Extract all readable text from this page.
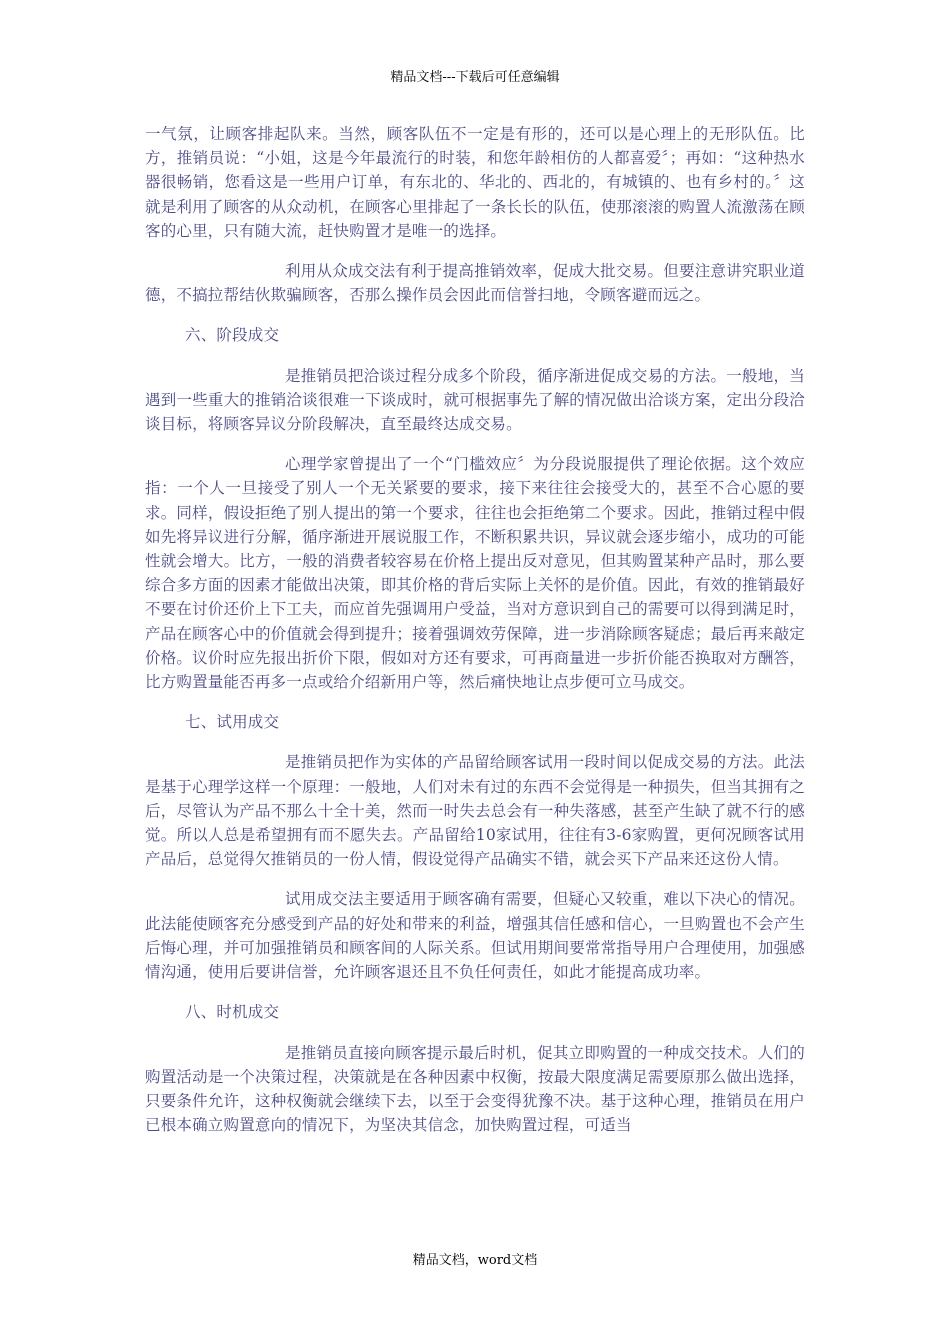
精品文档---下载后可任意编辑

一气氛，让顾客排起队来。当然，顾客队伍不一定是有形的，还可以是心理上的无形队伍。比方，推销员说：“小姐，这是今年最流行的时装，和您年龄相仿的人都喜爱〞；再如：“这种热水器很畅销，您看这是一些用户订单，有东北的、华北的、西北的，有城镇的、也有乡村的。〞这就是利用了顾客的从众动机，在顾客心里排起了一条长长的队伍，使那滚滚的购置人流激荡在顾客的心里，只有随大流，赶快购置才是唯一的选择。

利用从众成交法有利于提高推销效率，促成大批交易。但要注意讲究职业道德，不搞拉帮结伙欺骗顾客，否那么操作员会因此而信誉扫地，令顾客避而远之。

六、阶段成交

是推销员把洽谈过程分成多个阶段，循序渐进促成交易的方法。一般地，当遇到一些重大的推销洽谈很难一下谈成时，就可根据事先了解的情况做出洽谈方案，定出分段洽谈目标，将顾客异议分阶段解决，直至最终达成交易。

心理学家曾提出了一个“门槛效应〞为分段说服提供了理论依据。这个效应指：一个人一旦接受了别人一个无关紧要的要求，接下来往往会接受大的，甚至不合心愿的要求。同样，假设拒绝了别人提出的第一个要求，往往也会拒绝第二个要求。因此，推销过程中假如先将异议进行分解，循序渐进开展说服工作，不断积累共识，异议就会逐步缩小，成功的可能性就会增大。比方，一般的消费者较容易在价格上提出反对意见，但其购置某种产品时，那么要综合多方面的因素才能做出决策，即其价格的背后实际上关怀的是价值。因此，有效的推销最好不要在讨价还价上下工夫，而应首先强调用户受益，当对方意识到自己的需要可以得到满足时，产品在顾客心中的价值就会得到提升；接着强调效劳保障，进一步消除顾客疑虑；最后再来敲定价格。议价时应先报出折价下限，假如对方还有要求，可再商量进一步折价能否换取对方酬答，比方购置量能否再多一点或给介绍新用户等，然后痛快地让点步便可立马成交。

七、试用成交

是推销员把作为实体的产品留给顾客试用一段时间以促成交易的方法。此法是基于心理学这样一个原理：一般地，人们对未有过的东西不会觉得是一种损失，但当其拥有之后，尽管认为产品不那么十全十美，然而一时失去总会有一种失落感，甚至产生缺了就不行的感觉。所以人总是希望拥有而不愿失去。产品留给10家试用，往往有3-6家购置，更何况顾客试用产品后，总觉得欠推销员的一份人情，假设觉得产品确实不错，就会买下产品来还这份人情。

试用成交法主要适用于顾客确有需要，但疑心又较重，难以下决心的情况。此法能使顾客充分感受到产品的好处和带来的利益，增强其信任感和信心，一旦购置也不会产生后悔心理，并可加强推销员和顾客间的人际关系。但试用期间要常常指导用户合理使用，加强感情沟通，使用后要讲信誉，允许顾客退还且不负任何责任，如此才能提高成功率。

八、时机成交

是推销员直接向顾客提示最后时机，促其立即购置的一种成交技术。人们的购置活动是一个决策过程，决策就是在各种因素中权衡，按最大限度满足需要原那么做出选择，只要条件允许，这种权衡就会继续下去，以至于会变得犹豫不决。基于这种心理，推销员在用户已根本确立购置意向的情况下，为坚决其信念，加快购置过程，可适当

精品文档，word文档
